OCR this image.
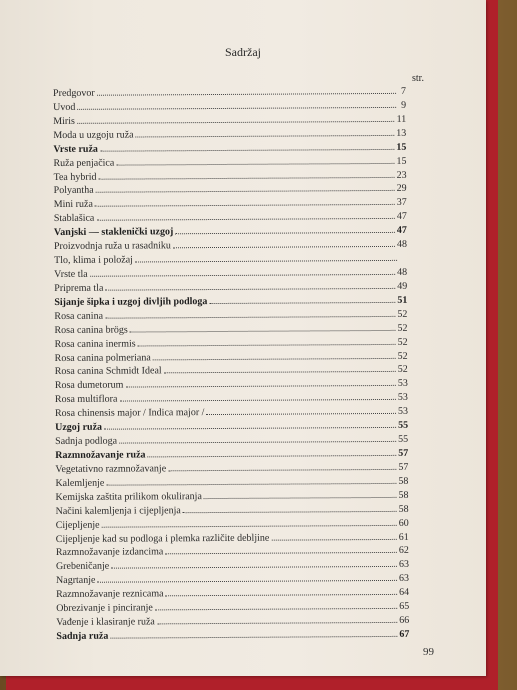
Sadržaj
str.
Predgovor	7
Uvod	9
Miris	11
Moda u uzgoju ruža	13
Vrste ruža	15
Ruža penjačica	15
Tea hybrid	23
Polyantha	29
Mini ruža	37
Stablašica	47
Vanjski — staklenički uzgoj	47
Proizvodnja ruža u rasadniku	48
Tlo, klima i položaj
Vrste tla	48
Priprema tla	49
Sijanje šipka i uzgoj divljih podloga	51
Rosa canina	52
Rosa canina brögs	52
Rosa canina inermis	52
Rosa canina polmeriana	52
Rosa canina Schmidt Ideal	52
Rosa dumetorum	53
Rosa multiflora	53
Rosa chinensis major / Indica major /	53
Uzgoj ruža	55
Sadnja podloga	55
Razmnožavanje ruža	57
Vegetativno razmnožavanje	57
Kalemljenje	58
Kemijska zaštita prilikom okuliranja	58
Načini kalemljenja i cijepljenja	58
Cijepljenje	60
Cijepljenje kad su podloga i plemka različite debljine	61
Razmnožavanje izdancima	62
Grebeničanje	63
Nagrtanje	63
Razmnožavanje reznicama	64
Obrezivanje i pinciranje	65
Vađenje i klasiranje ruža	66
Sadnja ruža	67
99
